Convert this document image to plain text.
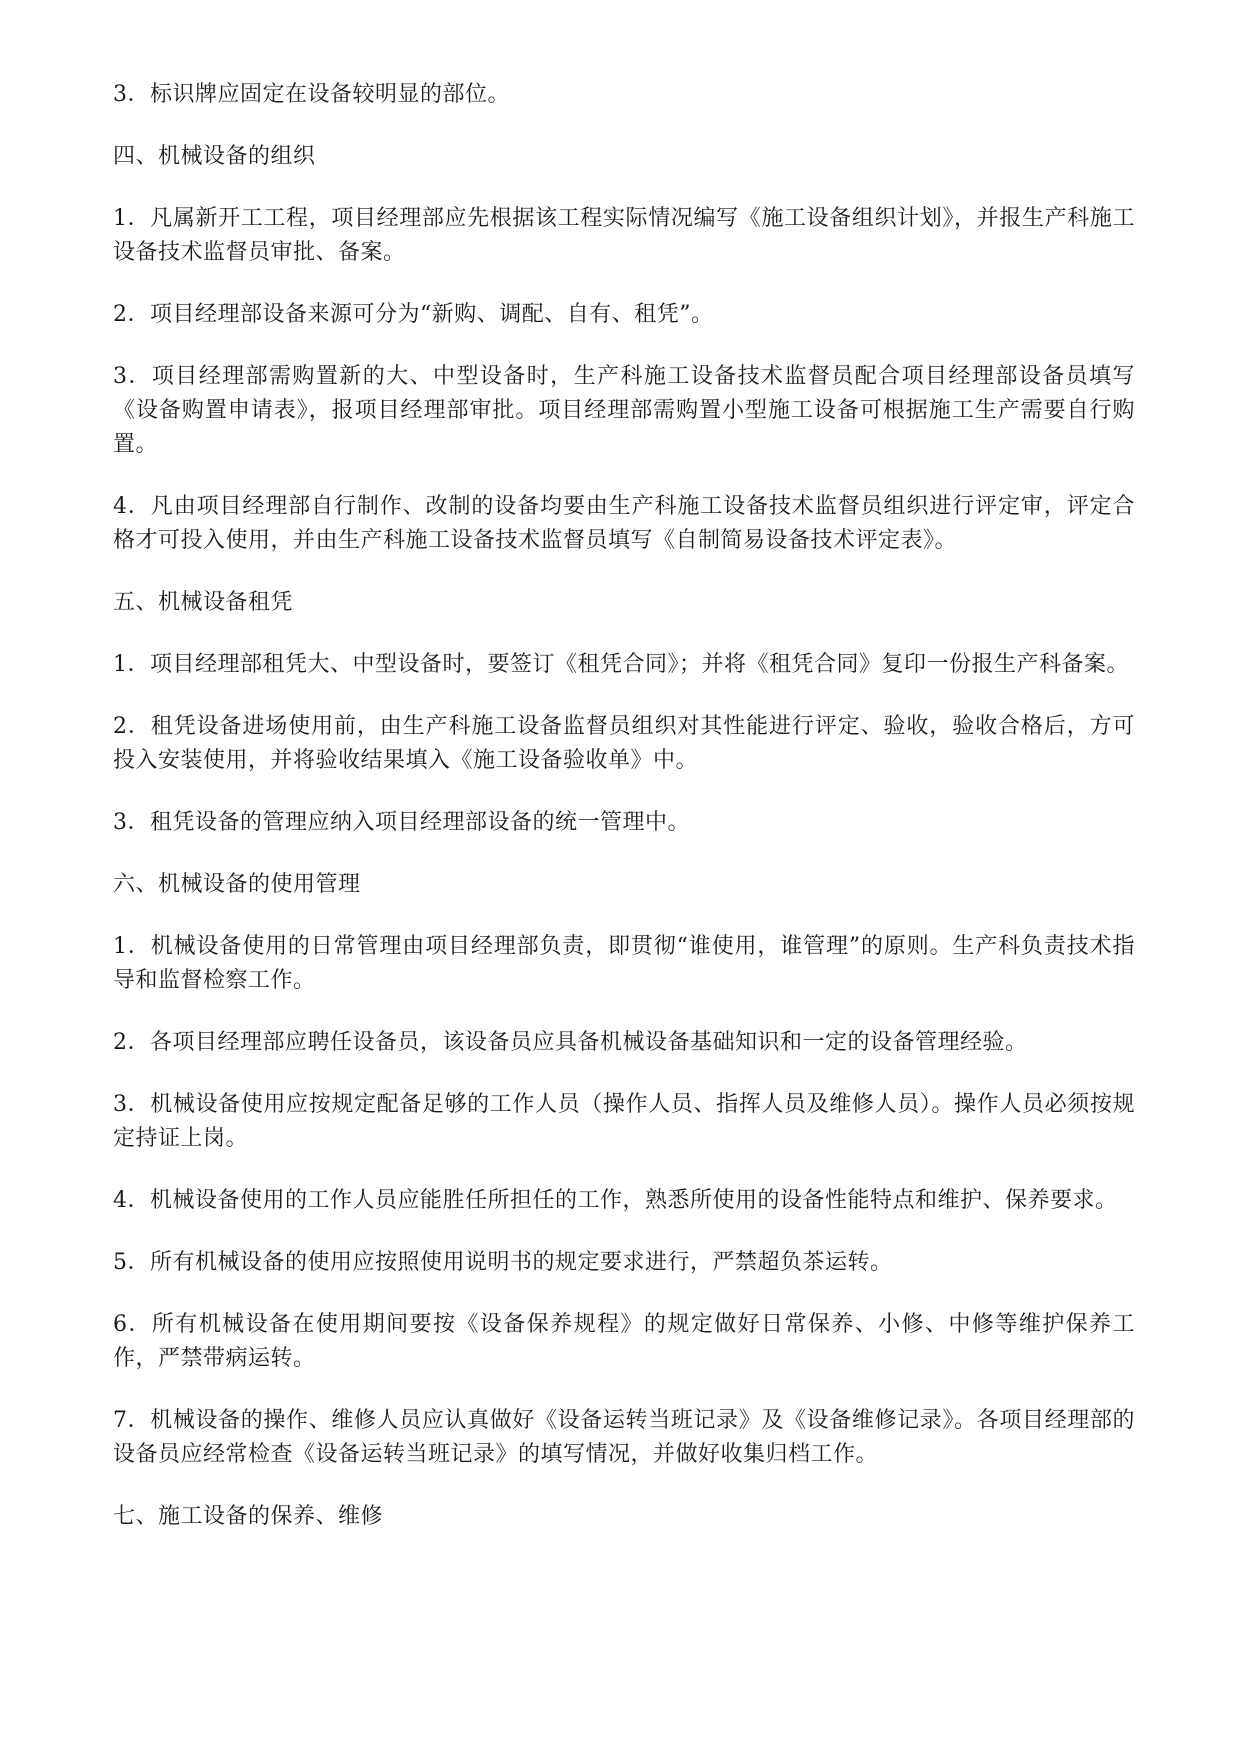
3．标识牌应固定在设备较明显的部位。

四、机械设备的组织

1．凡属新开工工程，项目经理部应先根据该工程实际情况编写《施工设备组织计划》，并报生产科施工设备技术监督员审批、备案。

2．项目经理部设备来源可分为“新购、调配、自有、租凭”。

3．项目经理部需购置新的大、中型设备时，生产科施工设备技术监督员配合项目经理部设备员填写《设备购置申请表》，报项目经理部审批。项目经理部需购置小型施工设备可根据施工生产需要自行购置。

4．凡由项目经理部自行制作、改制的设备均要由生产科施工设备技术监督员组织进行评定审，评定合格才可投入使用，并由生产科施工设备技术监督员填写《自制简易设备技术评定表》。

五、机械设备租凭

1．项目经理部租凭大、中型设备时，要签订《租凭合同》；并将《租凭合同》复印一份报生产科备案。

2．租凭设备进场使用前，由生产科施工设备监督员组织对其性能进行评定、验收，验收合格后，方可投入安装使用，并将验收结果填入《施工设备验收单》中。

3．租凭设备的管理应纳入项目经理部设备的统一管理中。

六、机械设备的使用管理

1．机械设备使用的日常管理由项目经理部负责，即贯彻“谁使用，谁管理”的原则。生产科负责技术指导和监督检察工作。

2．各项目经理部应聘任设备员，该设备员应具备机械设备基础知识和一定的设备管理经验。

3．机械设备使用应按规定配备足够的工作人员（操作人员、指挥人员及维修人员）。操作人员必须按规定持证上岗。

4．机械设备使用的工作人员应能胜任所担任的工作，熟悉所使用的设备性能特点和维护、保养要求。

5．所有机械设备的使用应按照使用说明书的规定要求进行，严禁超负茶运转。

6．所有机械设备在使用期间要按《设备保养规程》的规定做好日常保养、小修、中修等维护保养工作，严禁带病运转。

7．机械设备的操作、维修人员应认真做好《设备运转当班记录》及《设备维修记录》。各项目经理部的设备员应经常检查《设备运转当班记录》的填写情况，并做好收集归档工作。

七、施工设备的保养、维修
